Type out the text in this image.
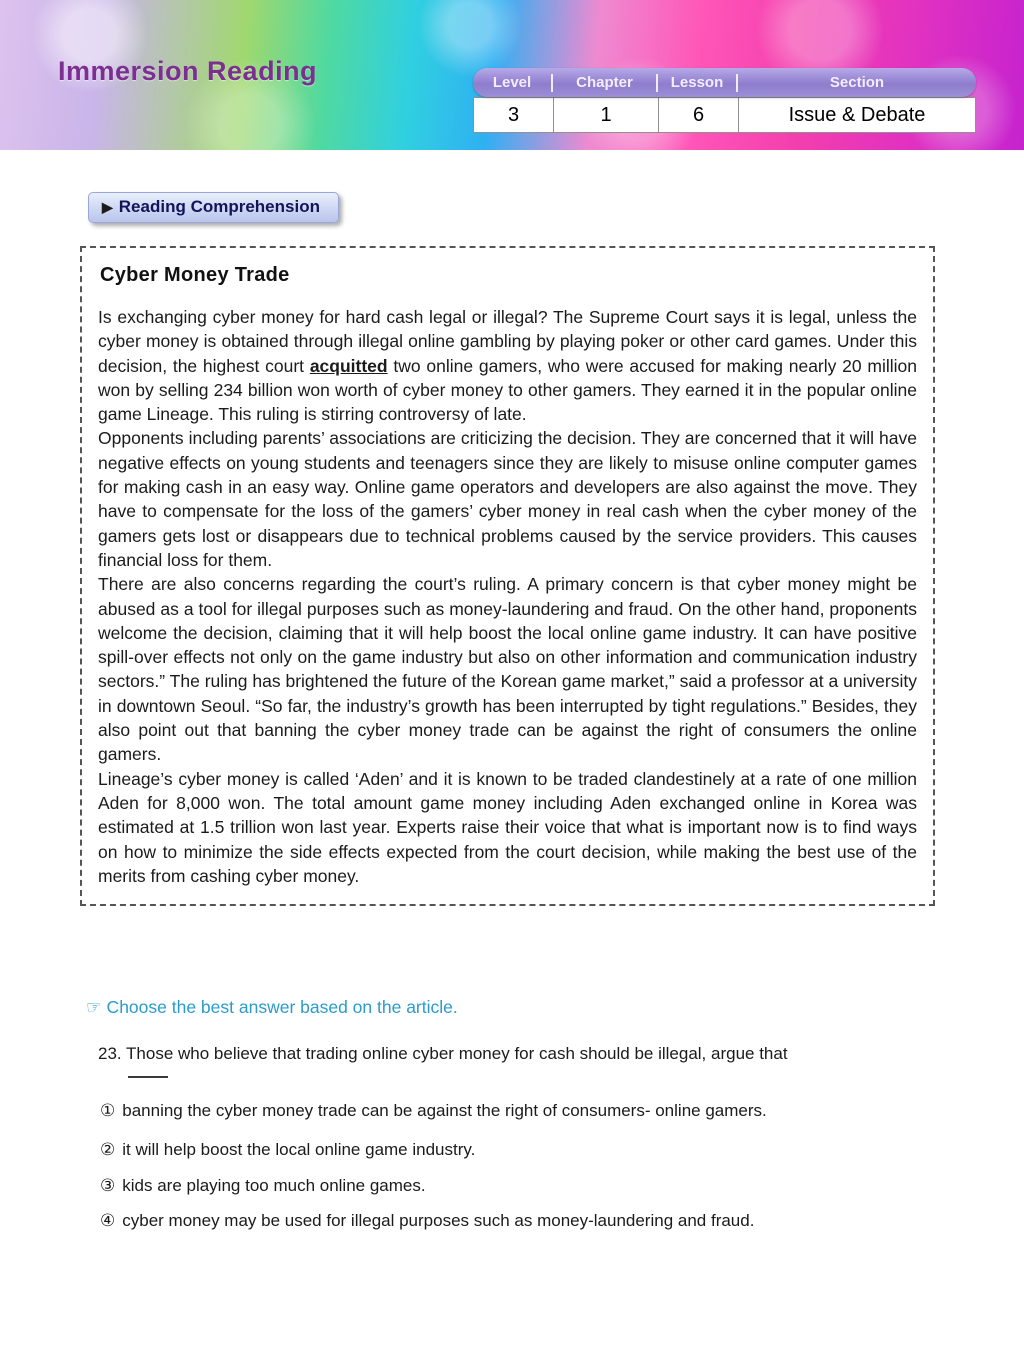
Immersion Reading	Level	Chapter	Lesson	Section
3	1	6	Issue & Debate
▶ Reading Comprehension
Cyber Money Trade

Is exchanging cyber money for hard cash legal or illegal? The Supreme Court says it is legal, unless the cyber money is obtained through illegal online gambling by playing poker or other card games. Under this decision, the highest court acquitted two online gamers, who were accused for making nearly 20 million won by selling 234 billion won worth of cyber money to other gamers. They earned it in the popular online game Lineage. This ruling is stirring controversy of late.

Opponents including parents’ associations are criticizing the decision. They are concerned that it will have negative effects on young students and teenagers since they are likely to misuse online computer games for making cash in an easy way. Online game operators and developers are also against the move. They have to compensate for the loss of the gamers’ cyber money in real cash when the cyber money of the gamers gets lost or disappears due to technical problems caused by the service providers. This causes financial loss for them.

There are also concerns regarding the court’s ruling. A primary concern is that cyber money might be abused as a tool for illegal purposes such as money-laundering and fraud. On the other hand, proponents welcome the decision, claiming that it will help boost the local online game industry. It can have positive spill-over effects not only on the game industry but also on other information and communication industry sectors.” The ruling has brightened the future of the Korean game market,” said a professor at a university in downtown Seoul. “So far, the industry’s growth has been interrupted by tight regulations.” Besides, they also point out that banning the cyber money trade can be against the right of consumers the online gamers.

Lineage’s cyber money is called ‘Aden’ and it is known to be traded clandestinely at a rate of one million Aden for 8,000 won. The total amount game money including Aden exchanged online in Korea was estimated at 1.5 trillion won last year. Experts raise their voice that what is important now is to find ways on how to minimize the side effects expected from the court decision, while making the best use of the merits from cashing cyber money.

☞ Choose the best answer based on the article.
23. Those who believe that trading online cyber money for cash should be illegal, argue that
① banning the cyber money trade can be against the right of consumers- online gamers.
② it will help boost the local online game industry.
③ kids are playing too much online games.
④ cyber money may be used for illegal purposes such as money-laundering and fraud.
